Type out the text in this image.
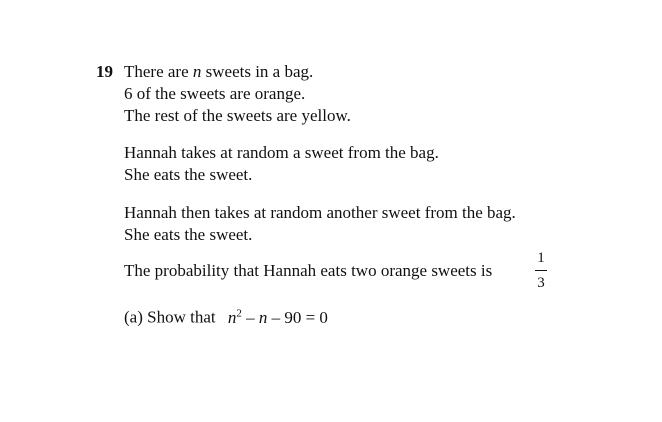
19 There are n sweets in a bag.
6 of the sweets are orange.
The rest of the sweets are yellow.
Hannah takes at random a sweet from the bag.
She eats the sweet.
Hannah then takes at random another sweet from the bag.
She eats the sweet.
The probability that Hannah eats two orange sweets is
1
3
(a) Show that $n^2 - n - 90 = 0$
